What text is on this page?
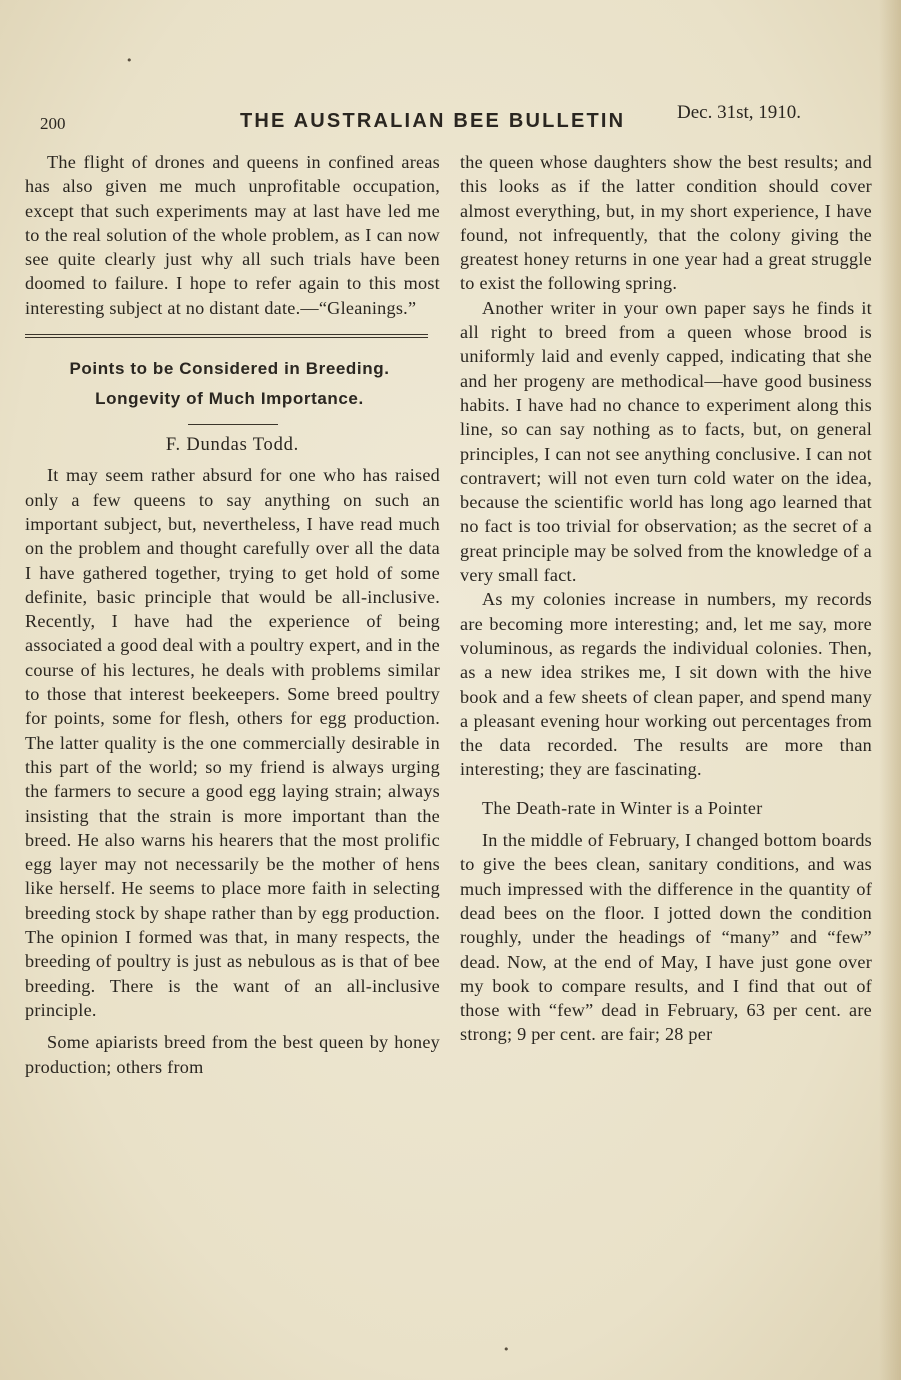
200	THE AUSTRALIAN BEE BULLETIN	Dec. 31st, 1910.

The flight of drones and queens in confined areas has also given me much unprofitable occupation, except that such experiments may at last have led me to the real solution of the whole problem, as I can now see quite clearly just why all such trials have been doomed to failure. I hope to refer again to this most interesting subject at no distant date.—“Gleanings.”

Points to be Considered in Breeding.
Longevity of Much Importance.
F. Dundas Todd.

It may seem rather absurd for one who has raised only a few queens to say anything on such an important subject, but, nevertheless, I have read much on the problem and thought carefully over all the data I have gathered together, trying to get hold of some definite, basic principle that would be all-inclusive. Recently, I have had the experience of being associated a good deal with a poultry expert, and in the course of his lectures, he deals with problems similar to those that interest beekeepers. Some breed poultry for points, some for flesh, others for egg production. The latter quality is the one commercially desirable in this part of the world; so my friend is always urging the farmers to secure a good egg laying strain; always insisting that the strain is more important than the breed. He also warns his hearers that the most prolific egg layer may not necessarily be the mother of hens like herself. He seems to place more faith in selecting breeding stock by shape rather than by egg production. The opinion I formed was that, in many respects, the breeding of poultry is just as nebulous as is that of bee breeding. There is the want of an all-inclusive principle.

Some apiarists breed from the best queen by honey production; others from

the queen whose daughters show the best results; and this looks as if the latter condition should cover almost everything, but, in my short experience, I have found, not infrequently, that the colony giving the greatest honey returns in one year had a great struggle to exist the following spring.

Another writer in your own paper says he finds it all right to breed from a queen whose brood is uniformly laid and evenly capped, indicating that she and her progeny are methodical—have good business habits. I have had no chance to experiment along this line, so can say nothing as to facts, but, on general principles, I can not see anything conclusive. I can not contravert; will not even turn cold water on the idea, because the scientific world has long ago learned that no fact is too trivial for observation; as the secret of a great principle may be solved from the knowledge of a very small fact.

As my colonies increase in numbers, my records are becoming more interesting; and, let me say, more voluminous, as regards the individual colonies. Then, as a new idea strikes me, I sit down with the hive book and a few sheets of clean paper, and spend many a pleasant evening hour working out percentages from the data recorded. The results are more than interesting; they are fascinating.

The Death-rate in Winter is a Pointer

In the middle of February, I changed bottom boards to give the bees clean, sanitary conditions, and was much impressed with the difference in the quantity of dead bees on the floor. I jotted down the condition roughly, under the headings of “many” and “few” dead. Now, at the end of May, I have just gone over my book to compare results, and I find that out of those with “few” dead in February, 63 per cent. are strong; 9 per cent. are fair; 28 per

•
•
